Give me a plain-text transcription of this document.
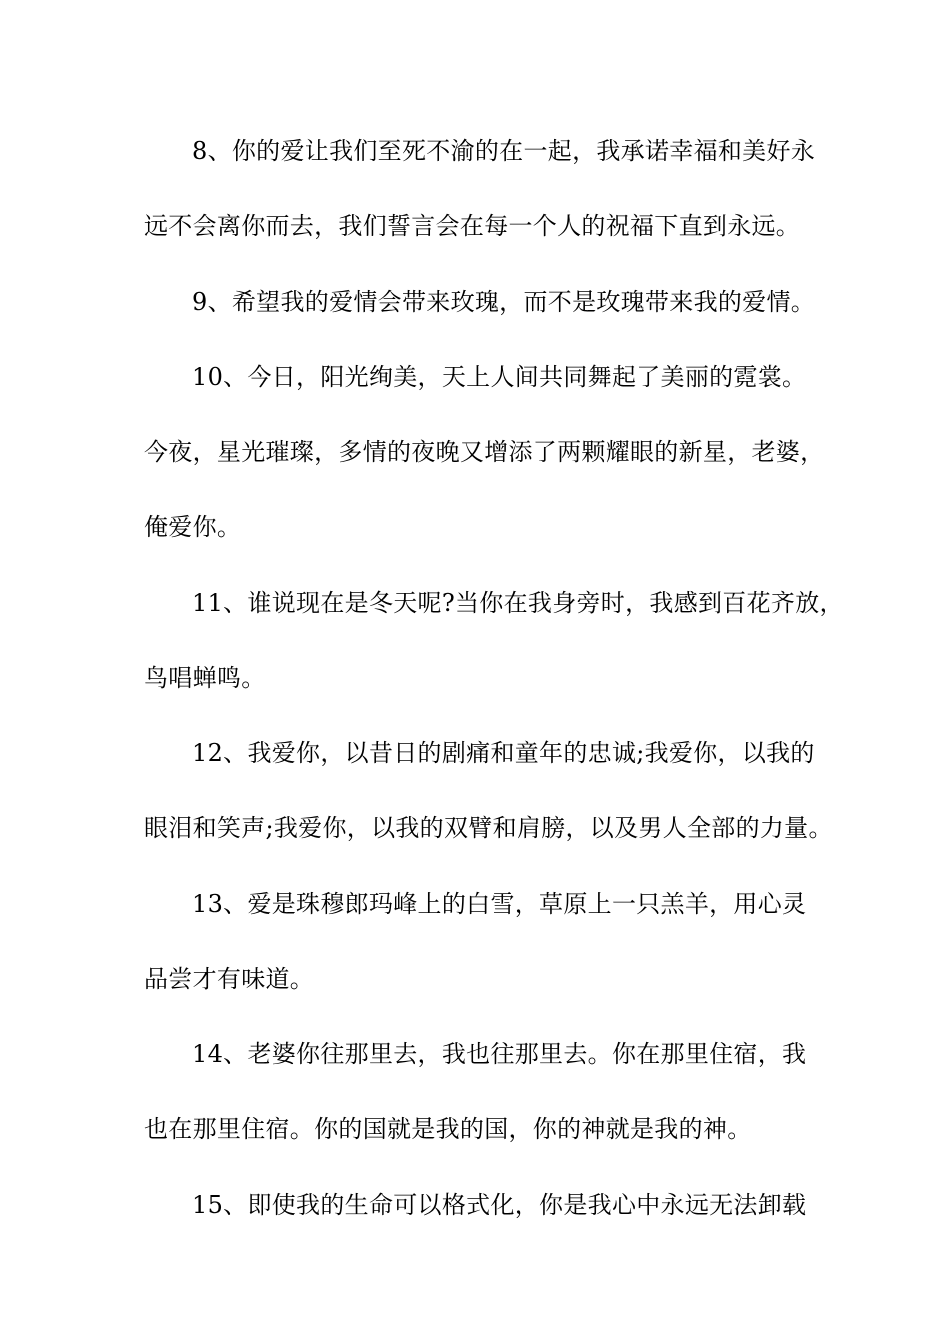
8、你的爱让我们至死不渝的在一起，我承诺幸福和美好永
远不会离你而去，我们誓言会在每一个人的祝福下直到永远。
9、希望我的爱情会带来玫瑰，而不是玫瑰带来我的爱情。
10、今日，阳光绚美，天上人间共同舞起了美丽的霓裳。
今夜，星光璀璨，多情的夜晚又增添了两颗耀眼的新星，老婆，
俺爱你。
11、谁说现在是冬天呢?当你在我身旁时，我感到百花齐放，
鸟唱蝉鸣。
12、我爱你，以昔日的剧痛和童年的忠诚;我爱你，以我的
眼泪和笑声;我爱你，以我的双臂和肩膀，以及男人全部的力量。
13、爱是珠穆郎玛峰上的白雪，草原上一只羔羊，用心灵
品尝才有味道。
14、老婆你往那里去，我也往那里去。你在那里住宿，我
也在那里住宿。你的国就是我的国，你的神就是我的神。
15、即使我的生命可以格式化，你是我心中永远无法卸载
